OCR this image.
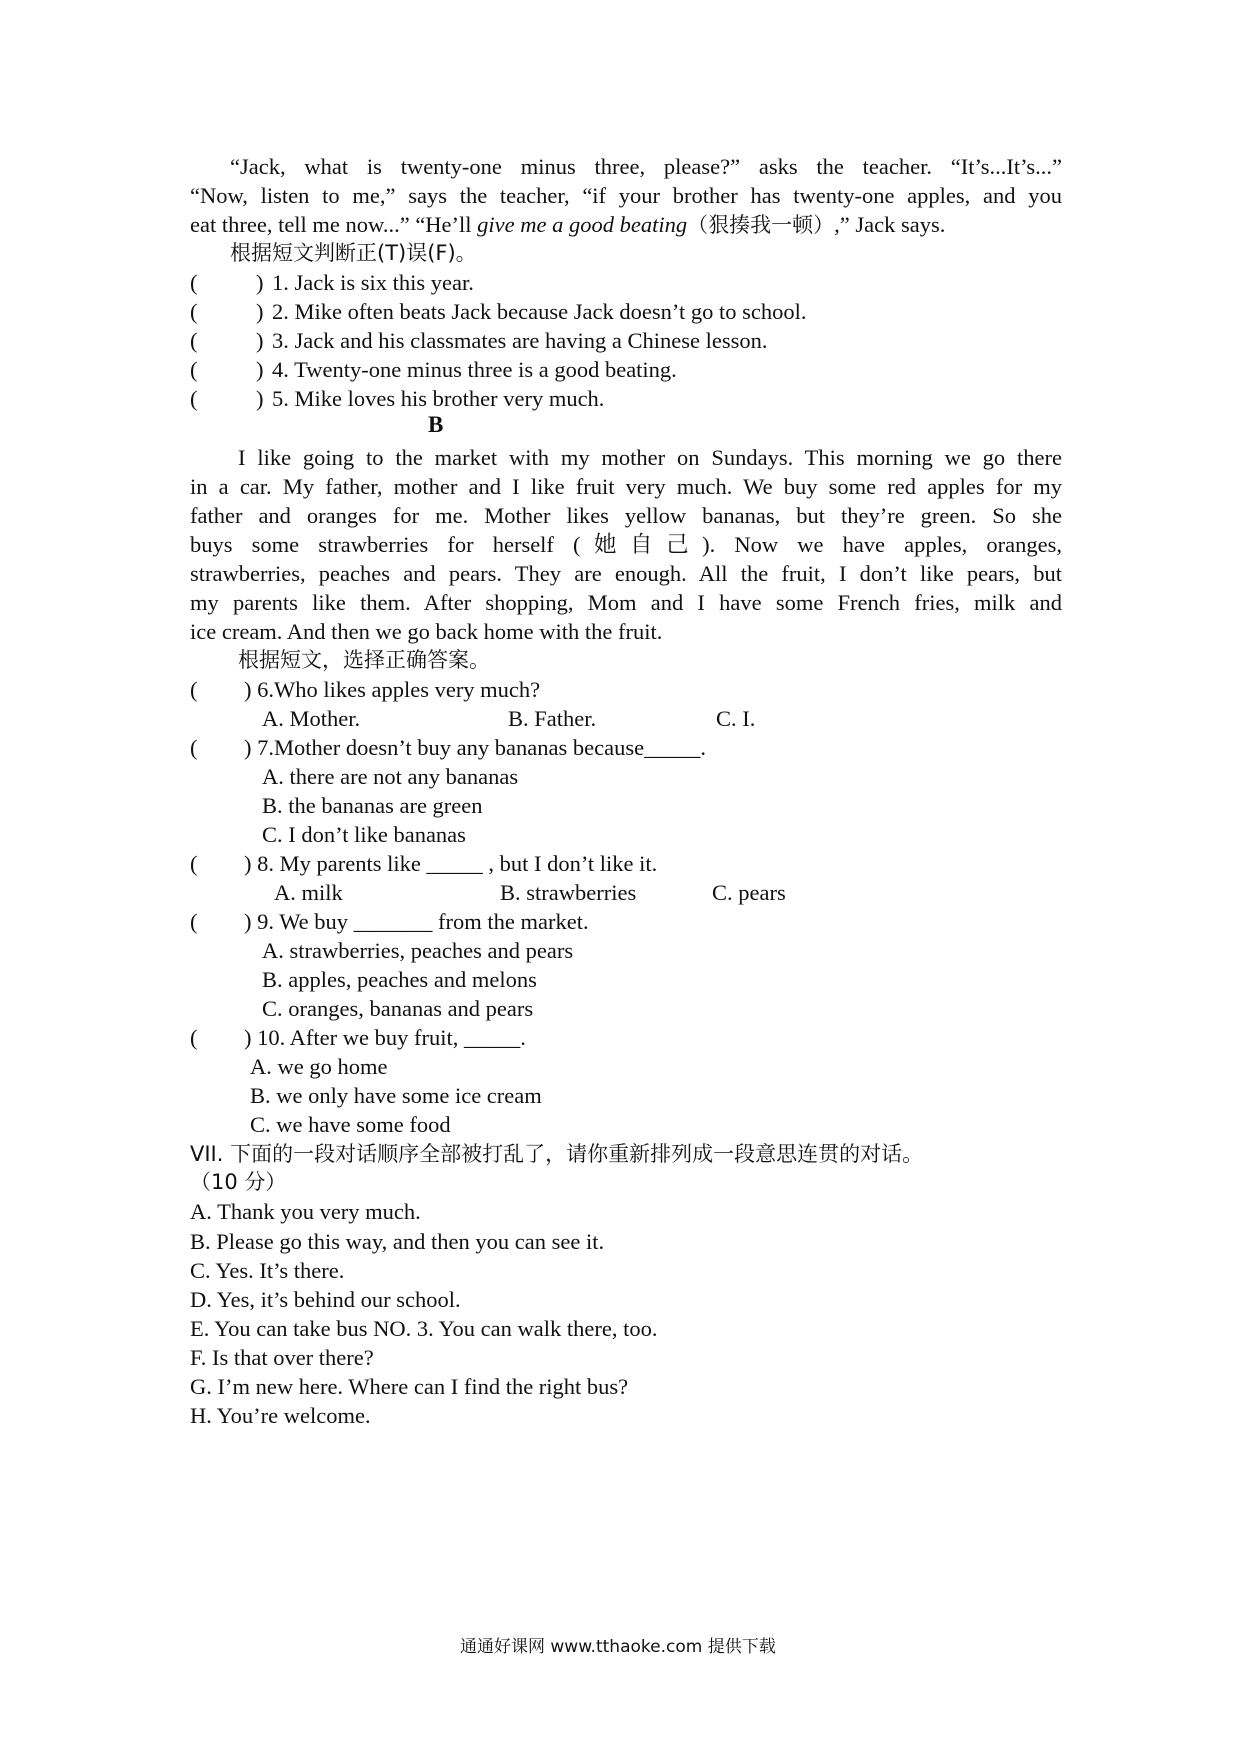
“Jack, what is twenty-one minus three, please?” asks the teacher. “It’s...It’s...”
“Now, listen to me,” says the teacher, “if your brother has twenty-one apples, and you
eat three, tell me now...” “He’ll give me a good beating（狠揍我一顿）,” Jack says.
根据短文判断正(T)误(F)。
(	) 1. Jack is six this year.
(	) 2. Mike often beats Jack because Jack doesn’t go to school.
(	) 3. Jack and his classmates are having a Chinese lesson.
(	) 4. Twenty-one minus three is a good beating.
(	) 5. Mike loves his brother very much.
B
I like going to the market with my mother on Sundays. This morning we go there
in a car. My father, mother and I like fruit very much. We buy some red apples for my
father and oranges for me. Mother likes yellow bananas, but they’re green. So she
buys some strawberries for herself (她自己). Now we have apples, oranges,
strawberries, peaches and pears. They are enough. All the fruit, I don’t like pears, but
my parents like them. After shopping, Mom and I have some French fries, milk and
ice cream. And then we go back home with the fruit.
根据短文，选择正确答案。
( ) 6.Who likes apples very much?
A. Mother.	B. Father.	C. I.
( ) 7.Mother doesn’t buy any bananas because_____.
A. there are not any bananas
B. the bananas are green
C. I don’t like bananas
( ) 8. My parents like _____ , but I don’t like it.
A. milk	B. strawberries	C. pears
( ) 9. We buy _______ from the market.
A. strawberries, peaches and pears
B. apples, peaches and melons
C. oranges, bananas and pears
( ) 10. After we buy fruit, _____.
A. we go home
B. we only have some ice cream
C. we have some food
VII. 下面的一段对话顺序全部被打乱了，请你重新排列成一段意思连贯的对话。
（10 分）
A. Thank you very much.
B. Please go this way, and then you can see it.
C. Yes. It’s there.
D. Yes, it’s behind our school.
E. You can take bus NO. 3. You can walk there, too.
F. Is that over there?
G. I’m new here. Where can I find the right bus?
H. You’re welcome.
通通好课网 www.tthaoke.com 提供下载
